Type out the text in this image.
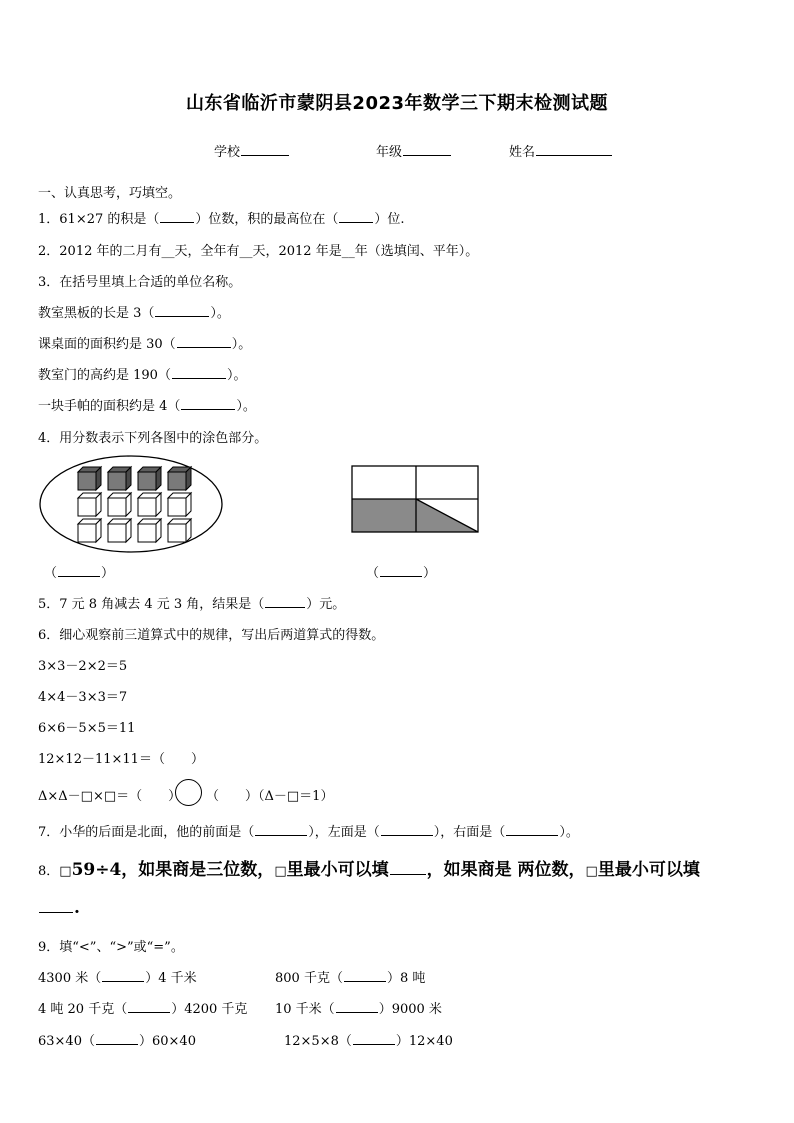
山东省临沂市蒙阴县2023年数学三下期末检测试题
学校	年级	姓名
一、认真思考，巧填空。
1．61×27 的积是（	）位数，积的最高位在（	）位.
2．2012 年的二月有__天，全年有__天，2012 年是__年（选填闰、平年）。
3．在括号里填上合适的单位名称。
教室黑板的长是 3（	）。
课桌面的面积约是 30（	）。
教室门的高约是 190（	）。
一块手帕的面积约是 4（	）。
4．用分数表示下列各图中的涂色部分。
（	）	（	）
5．7 元 8 角减去 4 元 3 角，结果是（	）元。
6．细心观察前三道算式中的规律，写出后两道算式的得数。
3×3－2×2＝5
4×4－3×3＝7
6×6－5×5＝11
12×12－11×11＝（　　）
Δ×Δ－□×□＝（　　） （　　）（Δ－□＝1）
7．小华的后面是北面，他的前面是（	），左面是（	），右面是（	）。
8．□59÷4，如果商是三位数，□里最小可以填 ，如果商是 两位数，□里最小可以填
.
9．填“<”、“>”或“=”。
4300 米（	）4 千米	800 千克（	）8 吨
4 吨 20 千克（	）4200 千克 10 千米（	）9000 米
63×40（	）60×40	12×5×8（	）12×40
